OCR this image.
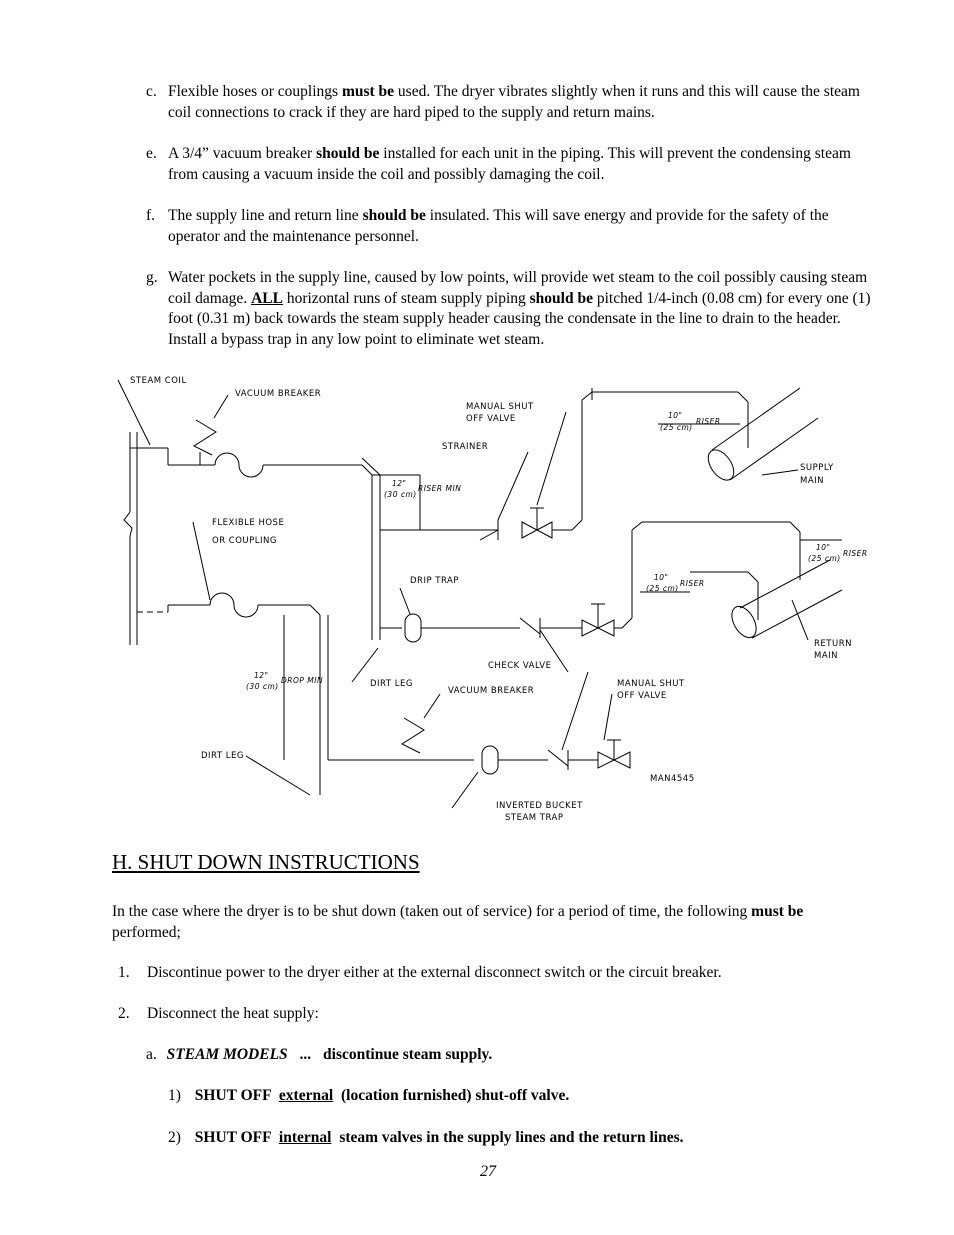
c. Flexible hoses or couplings must be used. The dryer vibrates slightly when it runs and this will cause the steam coil connections to crack if they are hard piped to the supply and return mains.
e. A 3/4” vacuum breaker should be installed for each unit in the piping. This will prevent the condensing steam from causing a vacuum inside the coil and possibly damaging the coil.
f. The supply line and return line should be insulated. This will save energy and provide for the safety of the operator and the maintenance personnel.
g. Water pockets in the supply line, caused by low points, will provide wet steam to the coil possibly causing steam coil damage. ALL horizontal runs of steam supply piping should be pitched 1/4-inch (0.08 cm) for every one (1) foot (0.31 m) back towards the steam supply header causing the condensate in the line to drain to the header. Install a bypass trap in any low point to eliminate wet steam.
STEAM COIL
VACUUM BREAKER
MANUAL SHUT
OFF VALVE
STRAINER
10"
(25 cm)
RISER
SUPPLY
MAIN
12"
(30 cm)
RISER MIN
FLEXIBLE HOSE
OR COUPLING
10"
(25 cm)
RISER
DRIP TRAP	10"
(25 cm)
RISER
RETURN
MAIN
CHECK VALVE
12"
(30 cm)
DROP MIN	DIRT LEG
VACUUM BREAKER
MANUAL SHUT
OFF VALVE
DIRT LEG
MAN4545
INVERTED BUCKET
STEAM TRAP
H. SHUT DOWN INSTRUCTIONS
In the case where the dryer is to be shut down (taken out of service) for a period of time, the following must be performed;
1. Discontinue power to the dryer either at the external disconnect switch or the circuit breaker.
2. Disconnect the heat supply:
a. STEAM MODELS ... discontinue steam supply.
1) SHUT OFF external (location furnished) shut-off valve.
2) SHUT OFF internal steam valves in the supply lines and the return lines.
27
